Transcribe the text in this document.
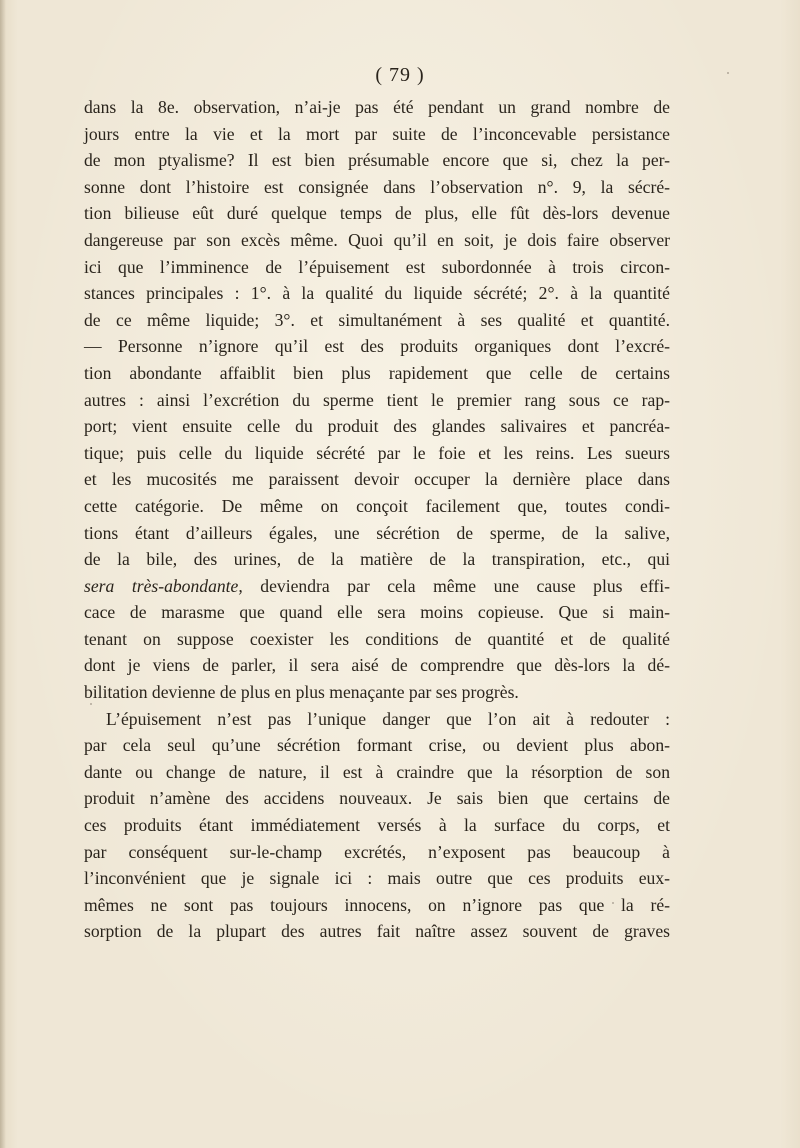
( 79 )

dans la 8e. observation, n’ai-je pas été pendant un grand nombre de
jours entre la vie et la mort par suite de l’inconcevable persistance
de mon ptyalisme? Il est bien présumable encore que si, chez la per-
sonne dont l’histoire est consignée dans l’observation n°. 9, la sécré-
tion bilieuse eût duré quelque temps de plus, elle fût dès-lors devenue
dangereuse par son excès même. Quoi qu’il en soit, je dois faire observer
ici que l’imminence de l’épuisement est subordonnée à trois circon-
stances principales : 1°. à la qualité du liquide sécrété; 2°. à la quantité
de ce même liquide; 3°. et simultanément à ses qualité et quantité.
— Personne n’ignore qu’il est des produits organiques dont l’excré-
tion abondante affaiblit bien plus rapidement que celle de certains
autres : ainsi l’excrétion du sperme tient le premier rang sous ce rap-
port; vient ensuite celle du produit des glandes salivaires et pancréa-
tique; puis celle du liquide sécrété par le foie et les reins. Les sueurs
et les mucosités me paraissent devoir occuper la dernière place dans
cette catégorie. De même on conçoit facilement que, toutes condi-
tions étant d’ailleurs égales, une sécrétion de sperme, de la salive,
de la bile, des urines, de la matière de la transpiration, etc., qui
sera très-abondante, deviendra par cela même une cause plus effi-
cace de marasme que quand elle sera moins copieuse. Que si main-
tenant on suppose coexister les conditions de quantité et de qualité
dont je viens de parler, il sera aisé de comprendre que dès-lors la dé-
bilitation devienne de plus en plus menaçante par ses progrès.

L’épuisement n’est pas l’unique danger que l’on ait à redouter :
par cela seul qu’une sécrétion formant crise, ou devient plus abon-
dante ou change de nature, il est à craindre que la résorption de son
produit n’amène des accidens nouveaux. Je sais bien que certains de
ces produits étant immédiatement versés à la surface du corps, et
par conséquent sur-le-champ excrétés, n’exposent pas beaucoup à
l’inconvénient que je signale ici : mais outre que ces produits eux-
mêmes ne sont pas toujours innocens, on n’ignore pas que la ré-
sorption de la plupart des autres fait naître assez souvent de graves
